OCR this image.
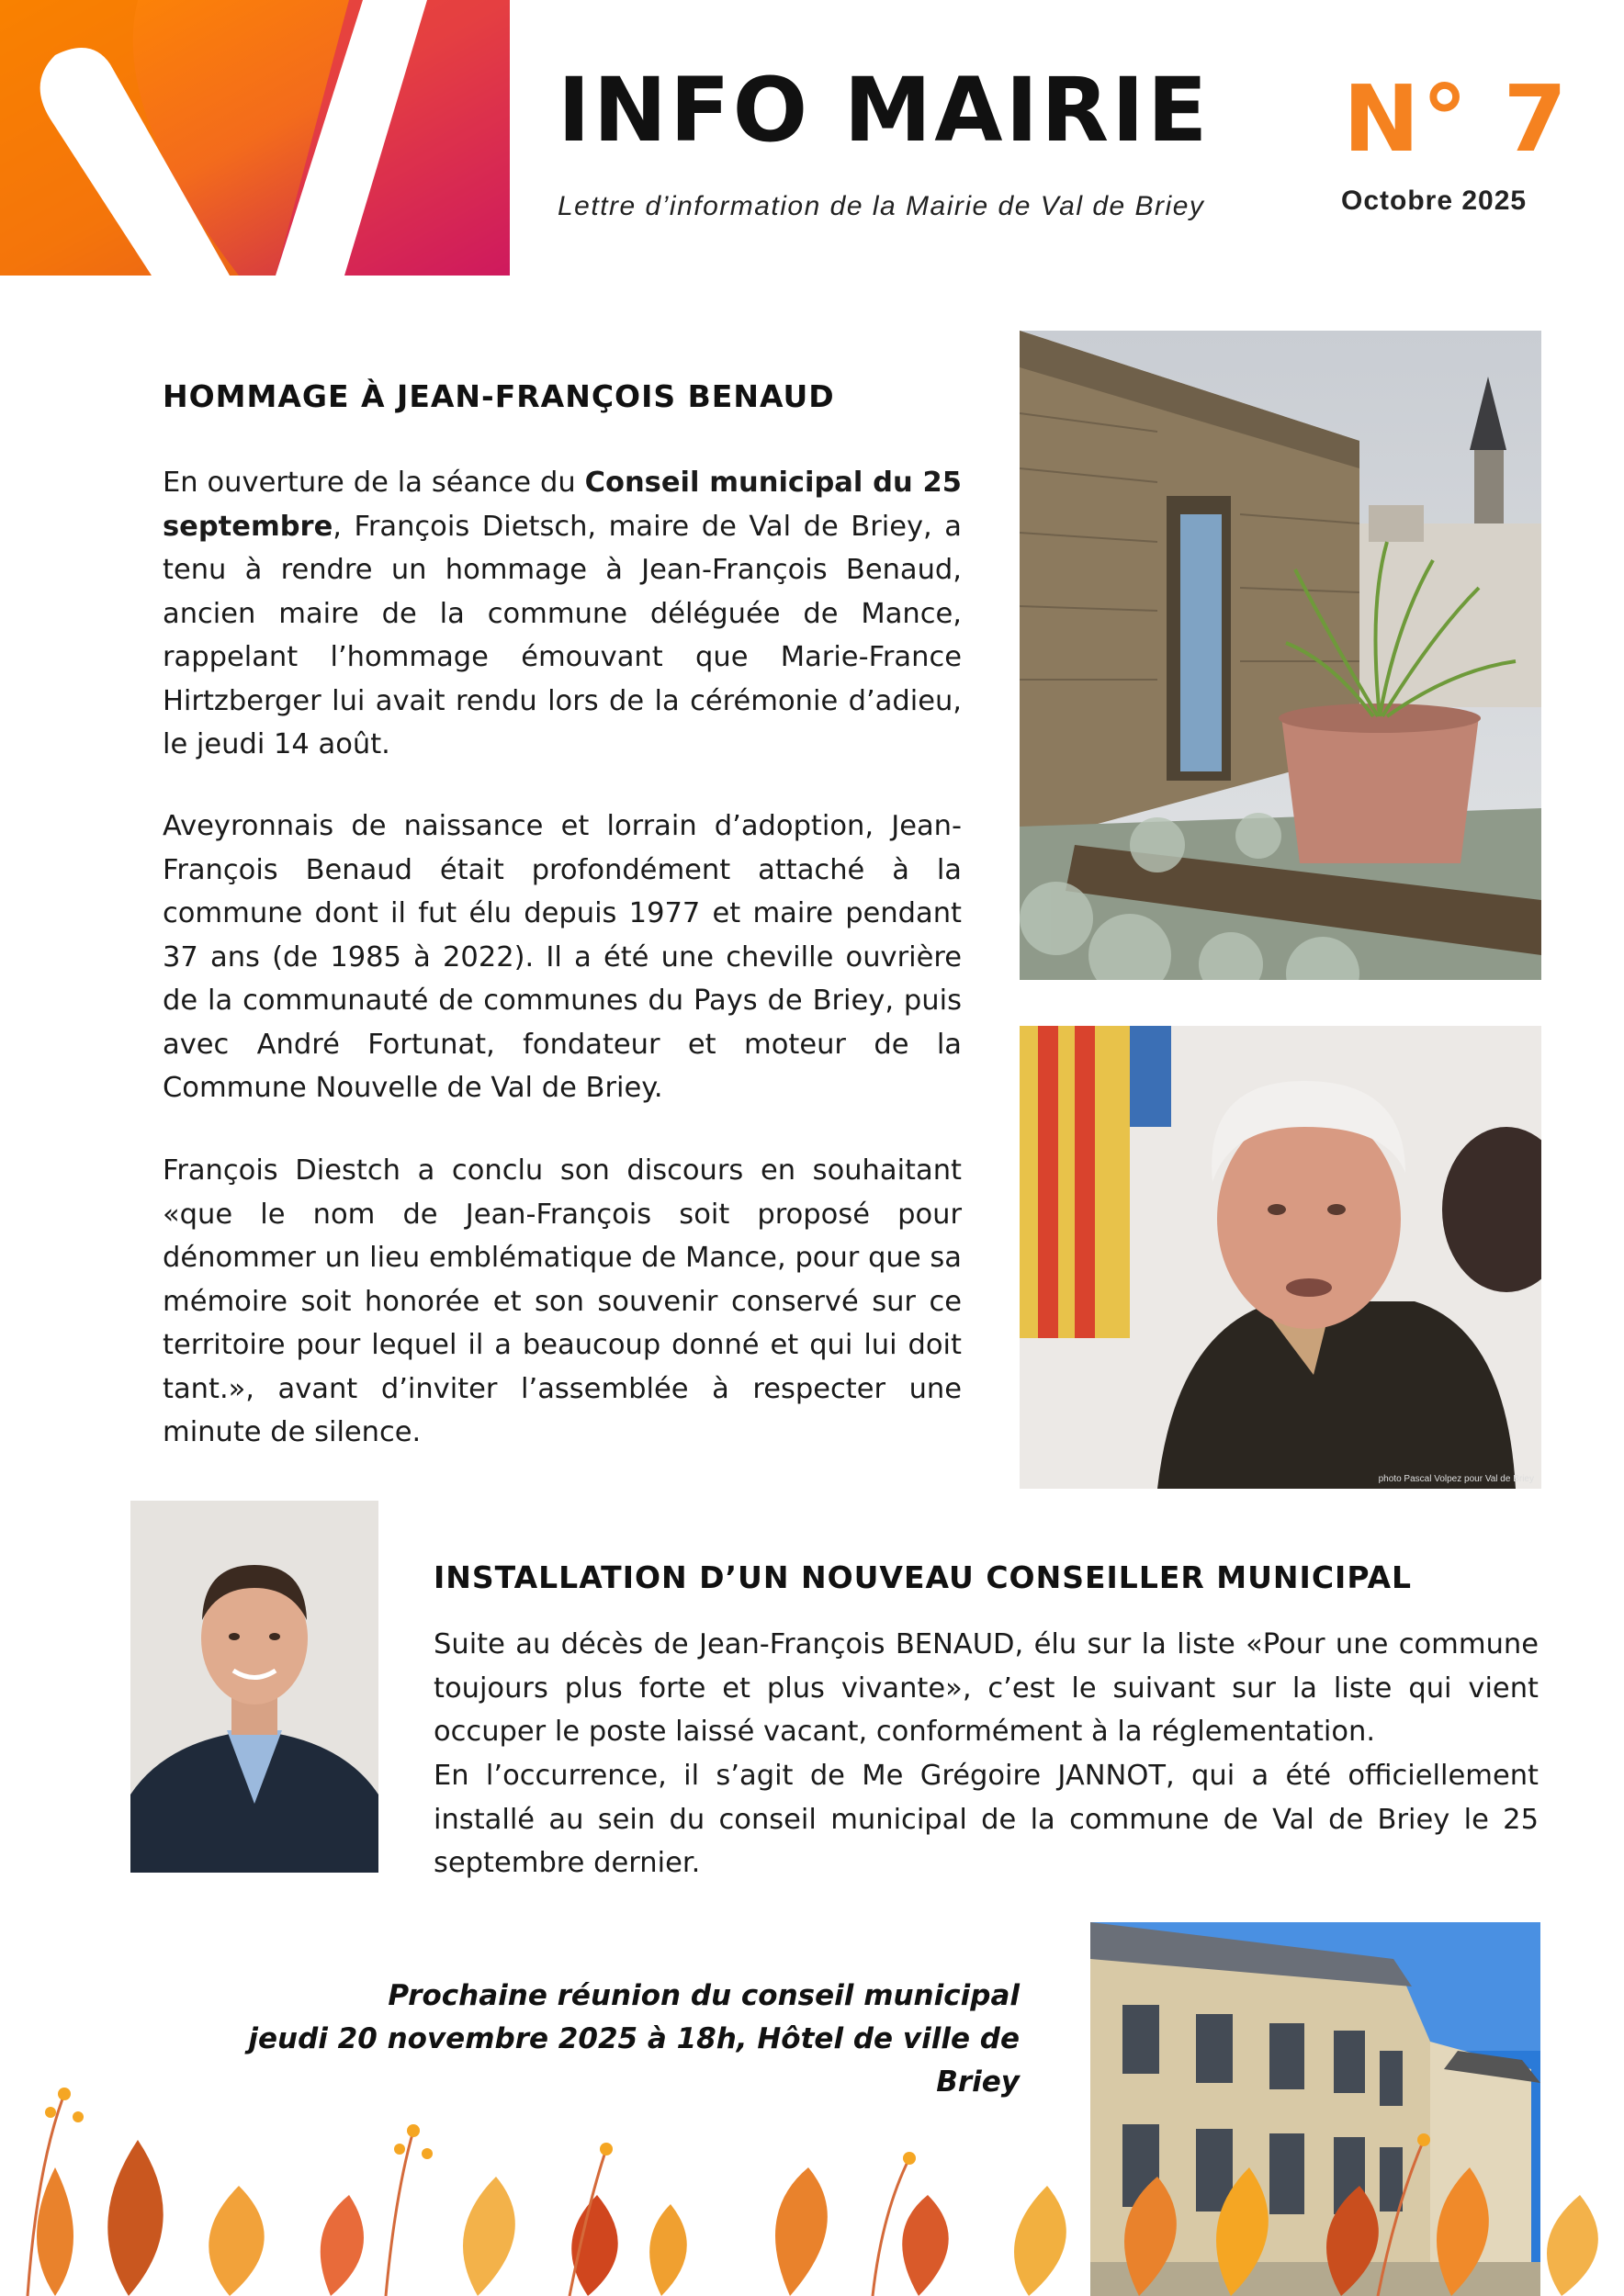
INFO MAIRIE
Lettre d’information de la Mairie de Val de Briey
N° 7
Octobre 2025
HOMMAGE À JEAN-FRANÇOIS BENAUD
En ouverture de la séance du Conseil municipal du 25 septembre, François Dietsch, maire de Val de Briey, a tenu à rendre un hommage à Jean-François Benaud, ancien maire de la commune déléguée de Mance, rappelant l’hommage émouvant que Marie-France Hirtzberger lui avait rendu lors de la cérémonie d’adieu, le jeudi 14 août.
Aveyronnais de naissance et lorrain d’adoption, Jean-François Benaud était profondément attaché à la commune dont il fut élu depuis 1977 et maire pendant 37 ans (de 1985 à 2022). Il a été une cheville ouvrière de la communauté de communes du Pays de Briey, puis avec André Fortunat, fondateur et moteur de la Commune Nouvelle de Val de Briey.
François Diestch a conclu son discours en souhaitant «que le nom de Jean-François soit proposé pour dénommer un lieu emblématique de Mance, pour que sa mémoire soit honorée et son souvenir conservé sur ce territoire pour lequel il a beaucoup donné et qui lui doit tant.», avant d’inviter l’assemblée à respecter une minute de silence.
photo Pascal Volpez pour Val de Briey
INSTALLATION D’UN NOUVEAU CONSEILLER MUNICIPAL
Suite au décès de Jean-François BENAUD, élu sur la liste «Pour une commune toujours plus forte et plus vivante», c’est le suivant sur la liste qui vient occuper le poste laissé vacant, conformément à la réglementation.
En l’occurrence, il s’agit de Me Grégoire JANNOT, qui a été officiellement installé au sein du conseil municipal de la commune de Val de Briey le 25 septembre dernier.
Prochaine réunion du conseil municipal
jeudi 20 novembre 2025 à 18h, Hôtel de ville de Briey
